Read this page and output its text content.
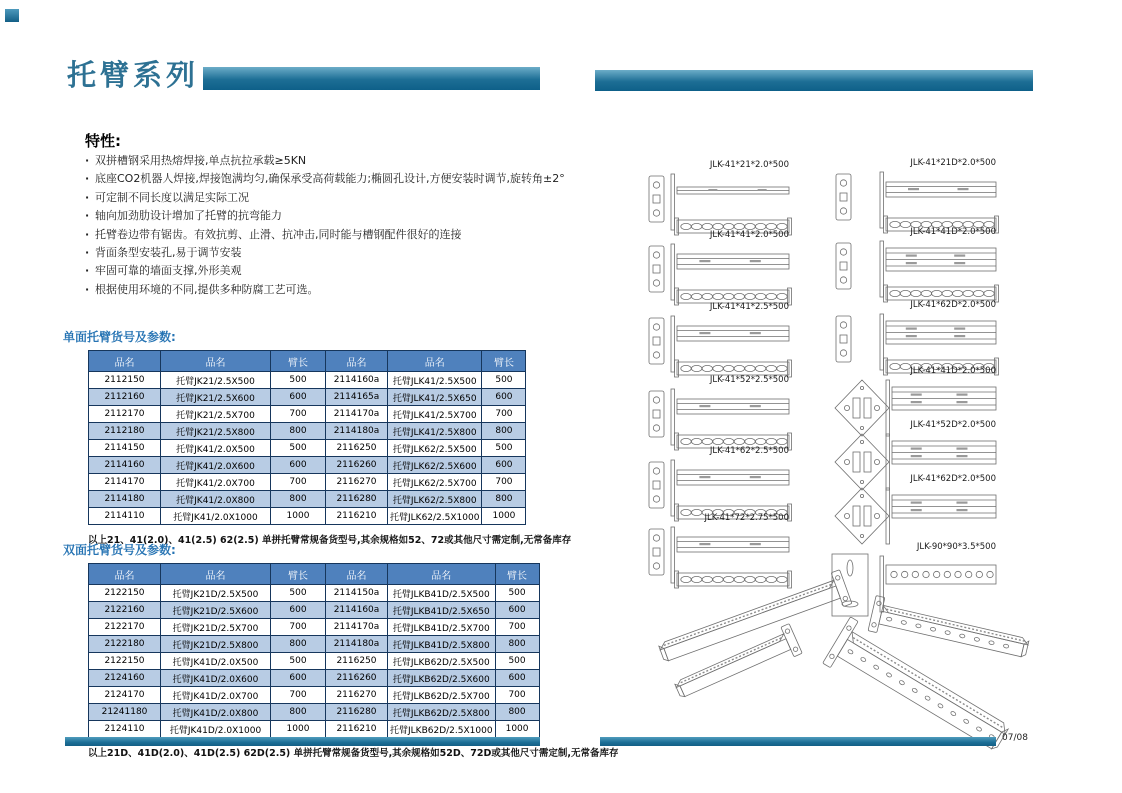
托臂系列
特性:
· 双拼槽钢采用热熔焊接,单点抗拉承载≥5KN
· 底座CO2机器人焊接,焊接饱满均匀,确保承受高荷载能力;椭圆孔设计,方便安装时调节,旋转角±2°
· 可定制不同长度以满足实际工况
· 轴向加劲肋设计增加了托臂的抗弯能力
· 托臂卷边带有锯齿。有效抗剪、止滑、抗冲击,同时能与槽钢配件很好的连接
· 背面条型安装孔,易于调节安装
· 牢固可靠的墙面支撑,外形美观
· 根据使用环境的不同,提供多种防腐工艺可选。
单面托臂货号及参数:
品名	品名	臂长	品名	品名	臂长
2112150	托臂JK21/2.5X500	500	2114160a	托臂JLK41/2.5X500	500
2112160	托臂JK21/2.5X600	600	2114165a	托臂JLK41/2.5X650	600
2112170	托臂JK21/2.5X700	700	2114170a	托臂JLK41/2.5X700	700
2112180	托臂JK21/2.5X800	800	2114180a	托臂JLK41/2.5X800	800
2114150	托臂JK41/2.0X500	500	2116250	托臂JLK62/2.5X500	500
2114160	托臂JK41/2.0X600	600	2116260	托臂JLK62/2.5X600	600
2114170	托臂JK41/2.0X700	700	2116270	托臂JLK62/2.5X700	700
2114180	托臂JK41/2.0X800	800	2116280	托臂JLK62/2.5X800	800
2114110	托臂JK41/2.0X1000	1000	2116210	托臂JLK62/2.5X1000	1000
以上21、41(2.0)、41(2.5) 62(2.5) 单拼托臂常规备货型号,其余规格如52、72或其他尺寸需定制,无常备库存
双面托臂货号及参数:
品名	品名	臂长	品名	品名	臂长
2122150	托臂JK21D/2.5X500	500	2114150a	托臂JLKB41D/2.5X500	500
2122160	托臂JK21D/2.5X600	600	2114160a	托臂JLKB41D/2.5X650	600
2122170	托臂JK21D/2.5X700	700	2114170a	托臂JLKB41D/2.5X700	700
2122180	托臂JK21D/2.5X800	800	2114180a	托臂JLKB41D/2.5X800	800
2122150	托臂JK41D/2.0X500	500	2116250	托臂JLKB62D/2.5X500	500
2124160	托臂JK41D/2.0X600	600	2116260	托臂JLKB62D/2.5X600	600
2124170	托臂JK41D/2.0X700	700	2116270	托臂JLKB62D/2.5X700	700
21241180	托臂JK41D/2.0X800	800	2116280	托臂JLKB62D/2.5X800	800
2124110	托臂JK41D/2.0X1000	1000	2116210	托臂JLKB62D/2.5X1000	1000
以上21D、41D(2.0)、41D(2.5) 62D(2.5) 单拼托臂常规备货型号,其余规格如52D、72D或其他尺寸需定制,无常备库存
JLK-41*21*2.0*500
JLK-41*41*2.0*500
JLK-41*41*2.5*500
JLK-41*52*2.5*500
JLK-41*62*2.5*500
JLK-41*72*2.75*500
JLK-41*21D*2.0*500
JLK-41*41D*2.0*500
JLK-41*62D*2.0*500
JLK-41*41D*2.0*500
JLK-41*52D*2.0*500
JLK-41*62D*2.0*500
JLK-90*90*3.5*500
07/08
